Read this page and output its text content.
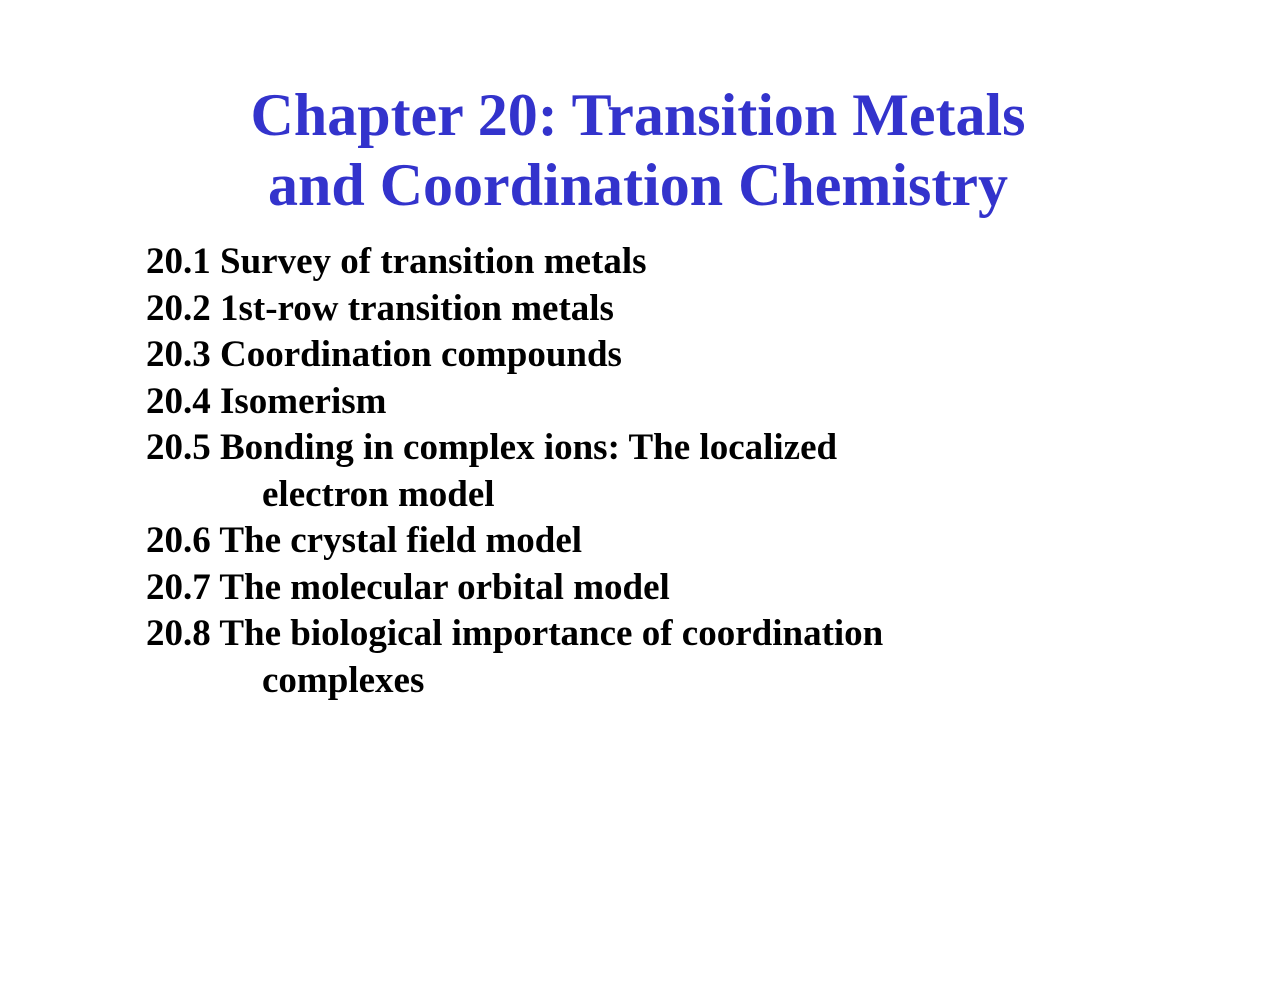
Chapter 20: Transition Metals
and Coordination Chemistry
20.1 Survey of transition metals
20.2 1st-row transition metals
20.3 Coordination compounds
20.4 Isomerism
20.5 Bonding in complex ions: The localized
electron model
20.6 The crystal field model
20.7 The molecular orbital model
20.8 The biological importance of coordination
complexes
